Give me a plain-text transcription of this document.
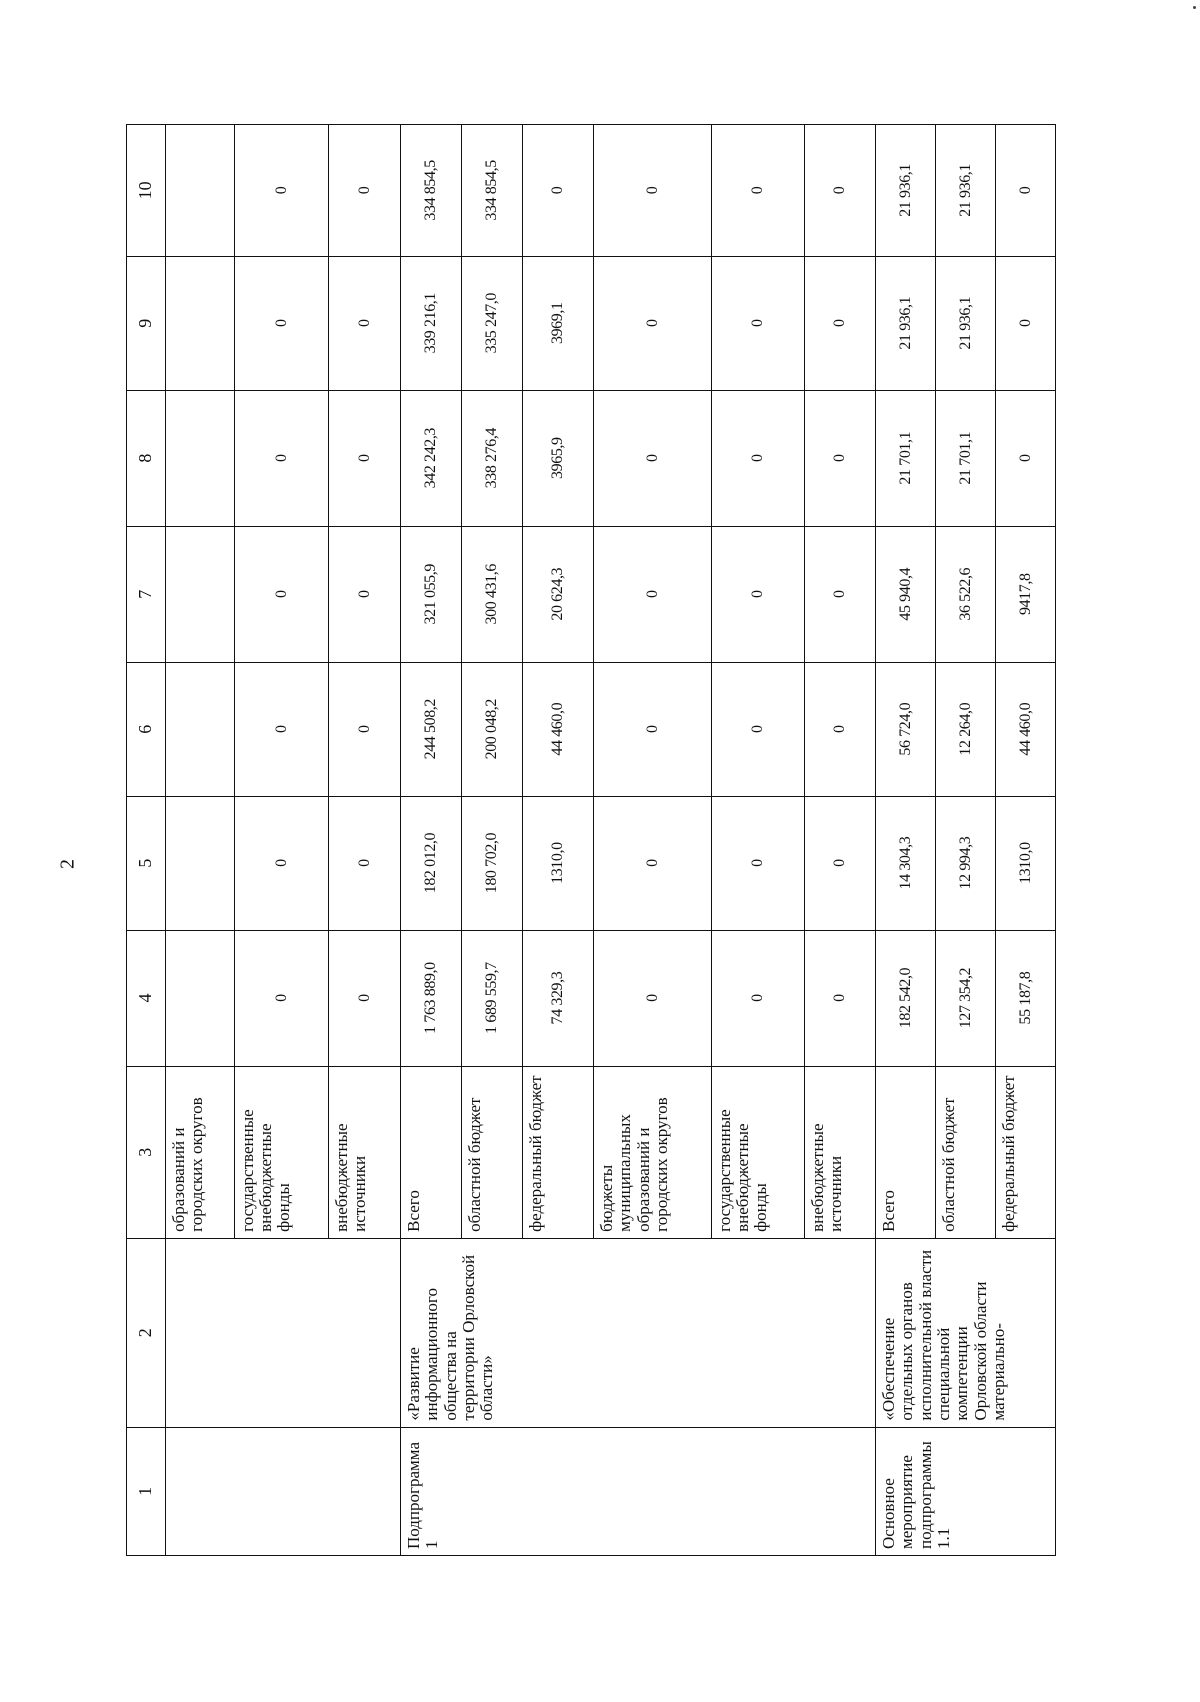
2
1	2	3	4	5	6	7	8	9	10
		образований и городских округов							
		государственные внебюджетные фонды	0	0	0	0	0	0	0
		внебюджетные источники	0	0	0	0	0	0	0
Подпрограмма 1	«Развитие информационного общества на территории Орловской области»	Всего	1 763 889,0	182 012,0	244 508,2	321 055,9	342 242,3	339 216,1	334 854,5
		областной бюджет	1 689 559,7	180 702,0	200 048,2	300 431,6	338 276,4	335 247,0	334 854,5
		федеральный бюджет	74 329,3	1310,0	44 460,0	20 624,3	3965,9	3969,1	0
		бюджеты муниципальных образований и городских округов	0	0	0	0	0	0	0
		государственные внебюджетные фонды	0	0	0	0	0	0	0
		внебюджетные источники	0	0	0	0	0	0	0
Основное мероприятие подпрограммы 1.1	«Обеспечение отдельных органов исполнительной власти специальной компетенции Орловской области материально-	Всего	182 542,0	14 304,3	56 724,0	45 940,4	21 701,1	21 936,1	21 936,1
		областной бюджет	127 354,2	12 994,3	12 264,0	36 522,6	21 701,1	21 936,1	21 936,1
		федеральный бюджет	55 187,8	1310,0	44 460,0	9417,8	0	0	0
